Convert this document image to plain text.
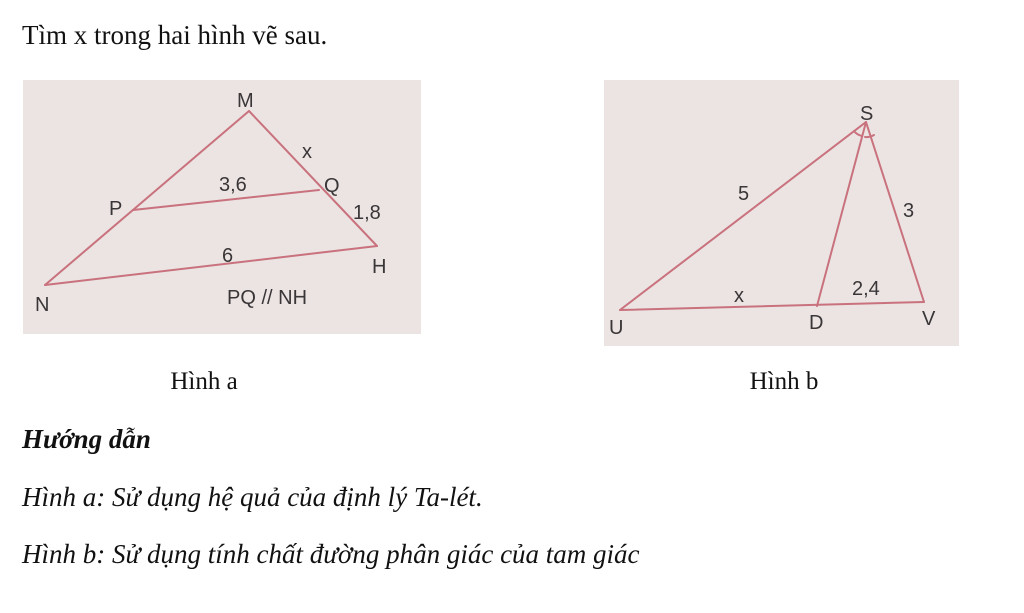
Tìm x trong hai hình vẽ sau.
M
P
Q
N
H
x
3,6
1,8
6
PQ // NH
S
U	D	V
5
3
x	2,4
Hình a	Hình b
Hướng dẫn
Hình a: Sử dụng hệ quả của định lý Ta-lét.
Hình b: Sử dụng tính chất đường phân giác của tam giác
